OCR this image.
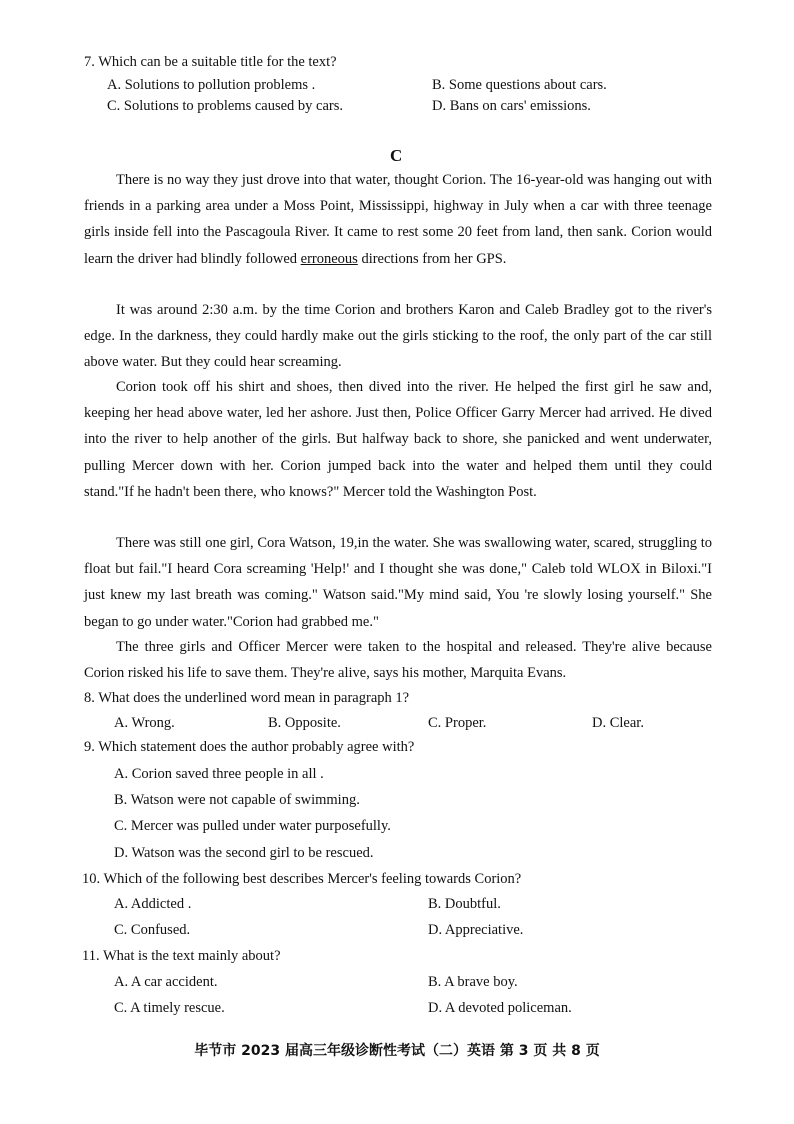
7. Which can be a suitable title for the text?
A. Solutions to pollution problems .	B. Some questions about cars.
C. Solutions to problems caused by cars.	D. Bans on cars' emissions.
C
There is no way they just drove into that water, thought Corion. The 16-year-old was hanging out with friends in a parking area under a Moss Point, Mississippi, highway in July when a car with three teenage girls inside fell into the Pascagoula River. It came to rest some 20 feet from land, then sank. Corion would learn the driver had blindly followed erroneous directions from her GPS.
It was around 2:30 a.m. by the time Corion and brothers Karon and Caleb Bradley got to the river's edge. In the darkness, they could hardly make out the girls sticking to the roof, the only part of the car still above water. But they could hear screaming.
Corion took off his shirt and shoes, then dived into the river. He helped the first girl he saw and, keeping her head above water, led her ashore. Just then, Police Officer Garry Mercer had arrived. He dived into the river to help another of the girls. But halfway back to shore, she panicked and went underwater, pulling Mercer down with her. Corion jumped back into the water and helped them until they could stand."If he hadn't been there, who knows?" Mercer told the Washington Post.
There was still one girl, Cora Watson, 19,in the water. She was swallowing water, scared, struggling to float but fail."I heard Cora screaming 'Help!' and I thought she was done," Caleb told WLOX in Biloxi."I just knew my last breath was coming." Watson said."My mind said, You 're slowly losing yourself." She began to go under water."Corion had grabbed me."
The three girls and Officer Mercer were taken to the hospital and released. They're alive because Corion risked his life to save them. They're alive, says his mother, Marquita Evans.
8. What does the underlined word mean in paragraph 1?
A. Wrong.	B. Opposite.	C. Proper.	D. Clear.
9. Which statement does the author probably agree with?
A. Corion saved three people in all .
B. Watson were not capable of swimming.
C. Mercer was pulled under water purposefully.
D. Watson was the second girl to be rescued.
10. Which of the following best describes Mercer's feeling towards Corion?
A. Addicted .	B. Doubtful.
C. Confused.	D. Appreciative.
11. What is the text mainly about?
A. A car accident.	B. A brave boy.
C. A timely rescue.	D. A devoted policeman.
毕节市 2023 届高三年级诊断性考试（二）英语 第 3 页 共 8 页
